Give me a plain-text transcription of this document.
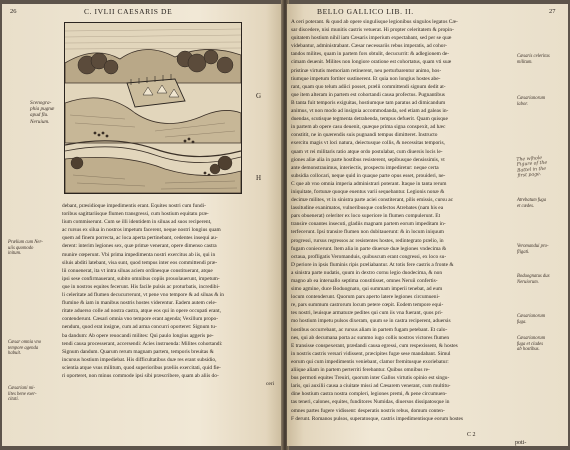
26	C. IVLII CAESARIS DE
Scenogra-
phia pugnæ
apud flu.
Neruium.
G
H
debant, præsidioque impedimentis erant. Equites nostri cum fundi-
toribus sagittariisque flumen transgressi, cum hostium equitatu præ-
lium commiserunt. Cum se illi identidem in siluas ad suos reciperent,
ac rursus ex silua in nostros impetum facerent, neque nostri longius quam
quem ad finem porrecta, ac loca aperta pertinebant, cedentes insequi au-
derent: interim legiones sex, quæ primæ venerant, opere dimenso castra
munire cœperunt. Vbi prima impedimenta nostri exercitus ab iis, qui in
siluis abditi latebant, visa sunt, quod tempus inter eos committendi præ-
lii conuenerat, ita vt intra siluas aciem ordinesque constituerant, atque
ipsi sese confirmauerant, subito omnibus copiis prouolauerunt, impetum-
que in nostros equites fecerunt. His facile pulsis ac proturbatis, incredibi-
li celeritate ad flumen decucurrerunt, vt pene vno tempore & ad siluas & in
flumine & iam in manibus nostris hostes viderentur. Eadem autem cele-
ritate aduerso colle ad nostra castra, atque eos qui in opere occupati erant,
contenderunt. Cæsari omnia vno tempore erant agenda; Vexillum propo-
nendum, quod erat insigne, cum ad arma concurri oporteret: Signum tu-
ba dandum: Ab opere reuocandi milites: Qui paulo longius aggeris pe-
tendi causa processerant, accersendi: Acies instruenda: Milites cohortandi:
Signum dandum. Quarum rerum magnam partem, temporis breuitas &
incursus hostium impediebat. His difficultatibus duæ res erant subsidio,
scientia atque vsus militum, quod superioribus præliis exercitati, quid fie-
ri oporteret, non minus commode ipsi sibi præscribere, quam ab aliis do-
ceri
Prælium cum Ner-
uiis quomodo
initum.
Cæsar omnia vno
tempore agenda
habuit.
Cæsariani mi-
lites bene exer-
citati.
BELLO GALLICO LIB. II.	27
A ceri poterant. & quod ab opere singulisque legionibus singulos legatos Cæ-
sar discedere, nisi munitis castris vetuerat. Hi propter celeritatem & propin-
quitatem hostium nihil iam Cæsaris imperium expectabant, sed per se quæ
videbantur, administrabant. Cæsar necessariis rebus imperatis, ad cohor-
tandos milites, quam in partem fors obtulit, decucurrit: & adlegionem de-
cimam deuenit. Milites non longiore oratione est cohortatus, quam vti suæ
pristinæ virtutis memoriam retinerent, neu perturbarentur animo, hos-
tiumque impetum fortiter sustinerent. Et quia non longius hostes abe-
rant, quam quo telum adiici posset, prælii committendi signum dedit at-
que item alteram in partem est cohortandi causa profectus. Pugnantibus
B tanta fuit temporis exiguitas, hostiumque tam paratus ad dimicandum
animus, vt non modo ad insignia accommodanda, sed etiam ad galeas in-
duendas, scutisque tegmenta detrahenda, tempus defuerit. Quam quisque
in partem ab opere casu deuenit, quæque prima signa conspexit, ad hæc
constitit, ne in quærendis suis pugnandi tempus dimitteret. Instructo
exercitu magis vt loci natura, deiectusque collis, & necessitas temporis,
quam vt rei militaris ratio atque ordo postulabat, cum diuersis locis le-
giones aliæ alia in parte hostibus resisterent, sepibusque densissimis, vt
ante demonstrauimus, interiectis, prospectu impediretur: neque certa
subsidia collocari, neque quid in quaque parte opus esset, prouideri, ne-
C que ab vno omnia imperia administrari poterant. Itaque in tanta rerum
iniquitate, fortunæ quoque euentus varii sequebantur. Legionis nonæ &
decimæ milites, vt in sinistra parte aciei constiterant, pilis emissis, cursu ac
lassitudine exanimatos, vulneribusque confectos Atrebates (nam his ea
pars obuenerat) celeriter ex loco superiore in flumen compulerunt. Et
transire conantes insecuti, gladiis magnam partem eorum impeditam in-
terfecerunt. Ipsi transire flumen non dubitauerunt: & in locum iniquum
progressi, rursus regressos ac resistentes hostes, redintegrato prælio, in
fugam coniecerunt. Item alia in parte diuersæ duæ legiones vndecima &
octaua, profligatis Veromanduis, quibuscum erant congressi, ex loco su-
D periore in ipsis fluminis ripis præliabantur. At totis fere castris a fronte &
a sinistra parte nudatis, quum in dextro cornu legio duodecima, & non
magno ab ea interuallo septima constitisset, omnes Neruii confertis-
simo agmine, duce Boduognato, qui summam imperii tenebat, ad eum
locum contenderunt. Quorum pars aperto latere legiones circumueni-
re, pars summum castrorum locum petere cœpit. Eodem tempore equi-
tes nostri, leuisque armaturæ pedites qui cum iis vna fuerant, quos pri-
mo hostium impetu pulsos dixeram, quum se in castra reciperent, aduersis
hostibus occurrebant, ac rursus aliam in partem fugam petebant. Et calo-
nes, qui ab decumana porta ac summo iugo collis nostros victores flumen
E transisse conspexerant, prædandi causa egressi, cum respexissent, & hostes
in nostris castris versari vidissent, præcipites fugæ sese mandabant. Simul
eorum qui cum impedimentis veniebant, clamor fremitusque exoriebatur:
aliique aliam in partem perterriti ferebantur. Quibus omnibus re-
bus permoti equites Treuiri, quorum inter Gallos virtutis opinio est singu-
laris, qui auxilii causa a ciuitate missi ad Cæsarem venerant, cum multitu-
dine hostium castra nostra compleri, legiones premi, & pene circumuen-
tas teneri, calones, equites, funditores Numidas, diuersos dissipatosque in
omnes partes fugere vidissent: desperatis nostris rebus, domum conten-
F derunt. Romanos pulsos, superatosque, castris impedimentisque eorum hostes
C 2
poti-
Cæsaris celeritas
militum.
Cæsarianorum
labor.
The w|hole
Figure of the
Battel in the
first page.
Atrebatum fuga
et cædes.
Veromandui pro-
fligati.
Boduognatus dux
Neruiorum.
Cæsarianorum
fuga.
Cæsarianorum
fuga et clades
ab hostibus.
